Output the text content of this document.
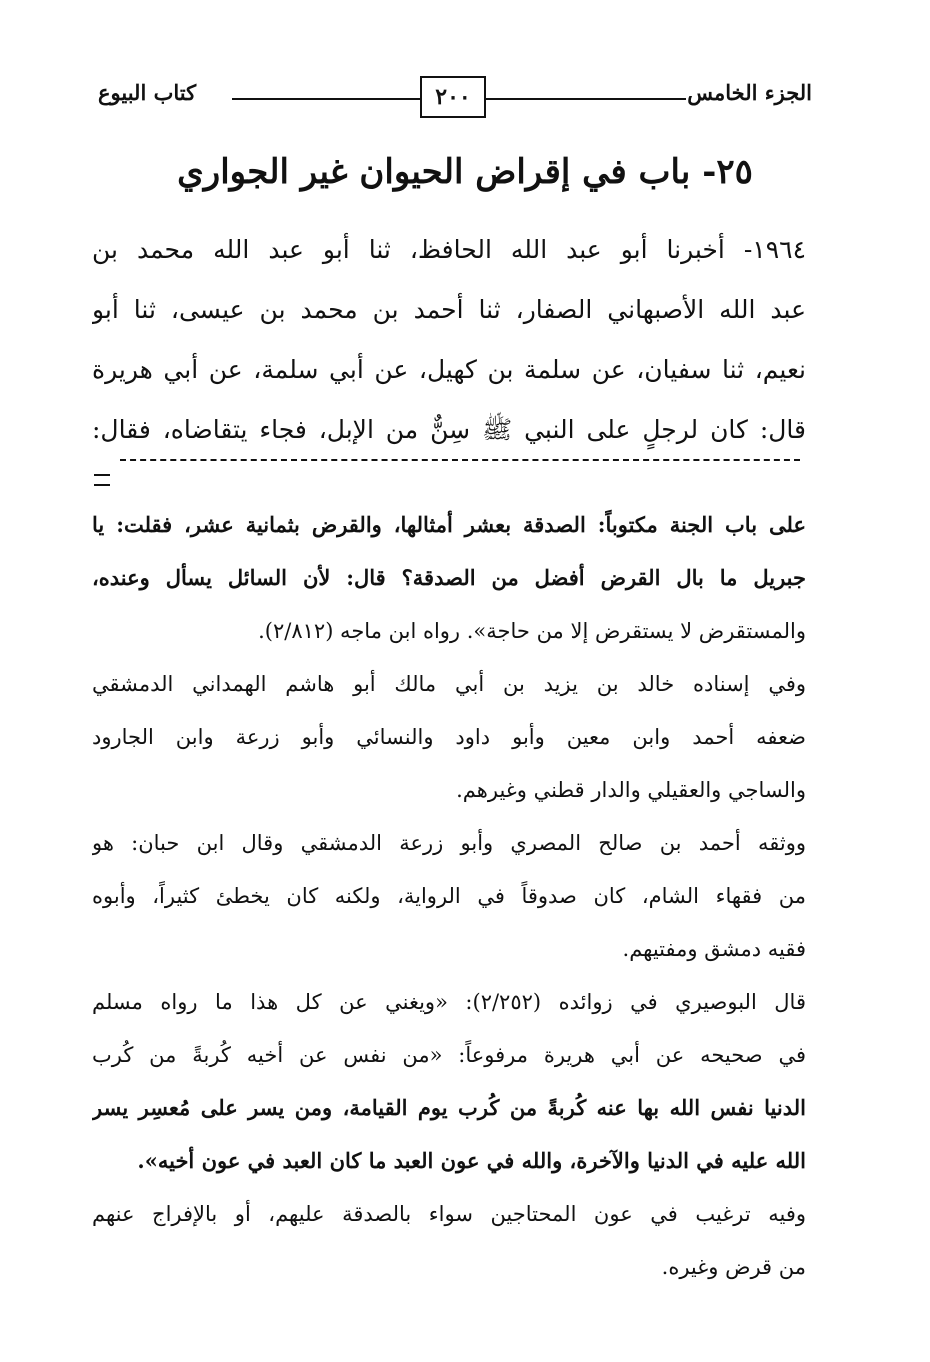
الجزء الخامس
٢٠٠
كتاب البيوع
٢٥- باب في إقراض الحيوان غير الجواري
١٩٦٤- أخبرنا أبو عبد الله الحافظ، ثنا أبو عبد الله محمد بن
عبد الله الأصبهاني الصفار، ثنا أحمد بن محمد بن عيسى، ثنا أبو
نعيم، ثنا سفيان، عن سلمة بن كهيل، عن أبي سلمة، عن أبي هريرة
قال: كان لرجلٍ على النبي ﷺ سِنٌّ من الإبل، فجاء يتقاضاه، فقال:
على باب الجنة مكتوباً: الصدقة بعشر أمثالها، والقرض بثمانية عشر، فقلت: يا
جبريل ما بال القرض أفضل من الصدقة؟ قال: لأن السائل يسأل وعنده،
والمستقرض لا يستقرض إلا من حاجة». رواه ابن ماجه (٢/٨١٢).
وفي إسناده خالد بن يزيد بن أبي مالك أبو هاشم الهمداني الدمشقي
ضعفه أحمد وابن معين وأبو داود والنسائي وأبو زرعة وابن الجارود
والساجي والعقيلي والدار قطني وغيرهم.
ووثقه أحمد بن صالح المصري وأبو زرعة الدمشقي وقال ابن حبان: هو
من فقهاء الشام، كان صدوقاً في الرواية، ولكنه كان يخطئ كثيراً، وأبوه
فقيه دمشق ومفتيهم.
قال البوصيري في زوائده (٢/٢٥٢): «ويغني عن كل هذا ما رواه مسلم
في صحيحه عن أبي هريرة مرفوعاً: «من نفس عن أخيه كُربةً من كُرب
الدنيا نفس الله بها عنه كُربةً من كُرب يوم القيامة، ومن يسر على مُعسِر يسر
الله عليه في الدنيا والآخرة، والله في عون العبد ما كان العبد في عون أخيه».
وفيه ترغيب في عون المحتاجين سواء بالصدقة عليهم، أو بالإفراج عنهم
من قرض وغيره.
